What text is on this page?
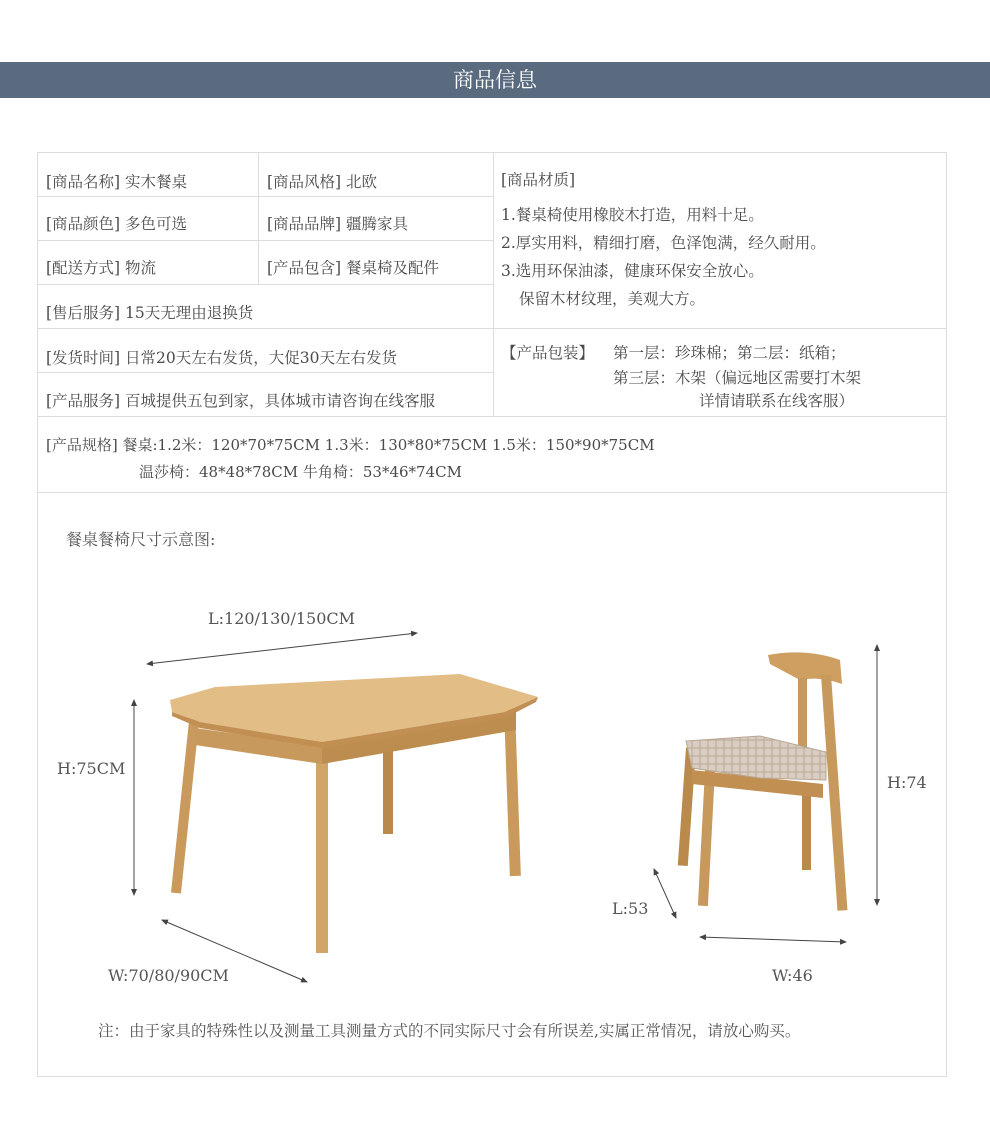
商品信息
[商品名称] 实木餐桌	[商品风格] 北欧
[商品颜色] 多色可选	[商品品牌] 疆腾家具
[配送方式] 物流	[产品包含] 餐桌椅及配件
[售后服务] 15天无理由退换货
[发货时间] 日常20天左右发货，大促30天左右发货
[产品服务] 百城提供五包到家，具体城市请咨询在线客服
[商品材质]
1.餐桌椅使用橡胶木打造，用料十足。
2.厚实用料，精细打磨，色泽饱满，经久耐用。
3.选用环保油漆，健康环保安全放心。
保留木材纹理，美观大方。
【产品包装】 第一层：珍珠棉；第二层：纸箱；
第三层：木架（偏远地区需要打木架
详情请联系在线客服）
[产品规格] 餐桌:1.2米：120*70*75CM 1.3米：130*80*75CM 1.5米：150*90*75CM
温莎椅：48*48*78CM 牛角椅：53*46*74CM
餐桌餐椅尺寸示意图:
L:120/130/150CM
H:75CM
W:70/80/90CM
H:74
L:53
W:46
注：由于家具的特殊性以及测量工具测量方式的不同实际尺寸会有所误差,实属正常情况，请放心购买。
